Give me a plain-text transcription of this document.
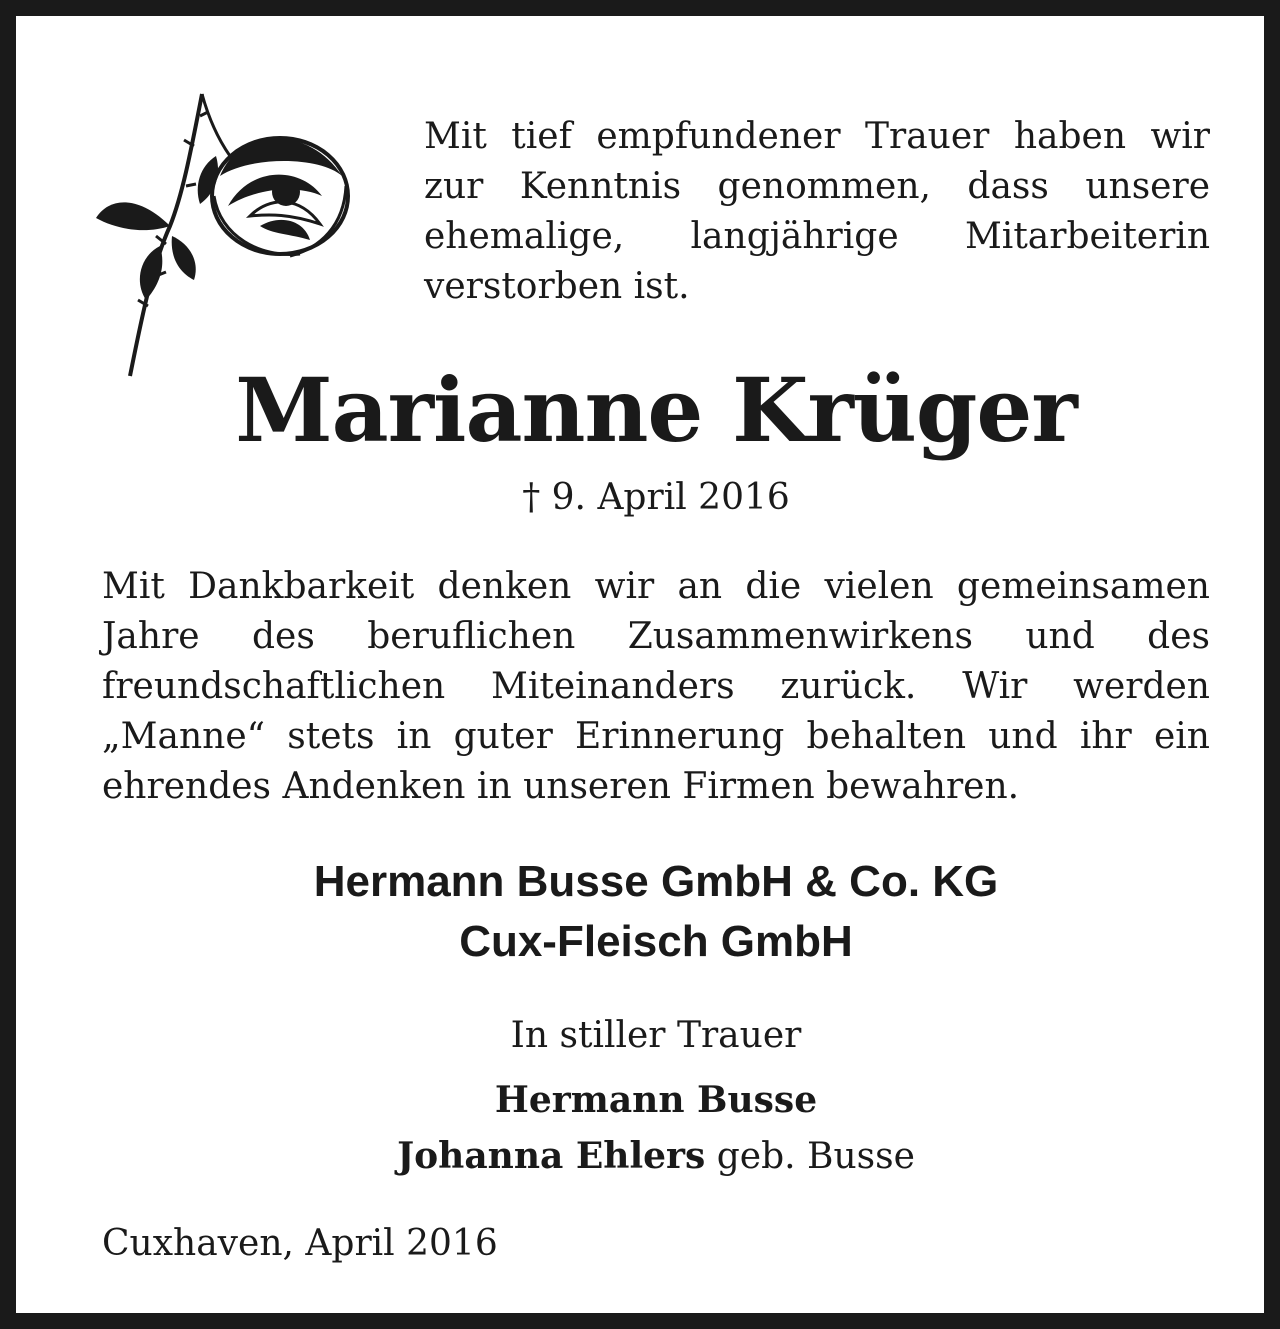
Mit tief empfundener Trauer haben wir zur Kenntnis genommen, dass unsere ehemalige, langjährige Mitarbeiterin verstorben ist.

Marianne Krüger

† 9. April 2016

Mit Dankbarkeit denken wir an die vielen gemeinsamen Jahre des beruflichen Zusammenwirkens und des freundschaftlichen Miteinanders zurück. Wir werden „Manne“ stets in guter Erinnerung behalten und ihr ein ehrendes Andenken in unseren Firmen bewahren.

Hermann Busse GmbH & Co. KG

Cux-Fleisch GmbH

In stiller Trauer

Hermann Busse

Johanna Ehlers geb. Busse

Cuxhaven, April 2016
